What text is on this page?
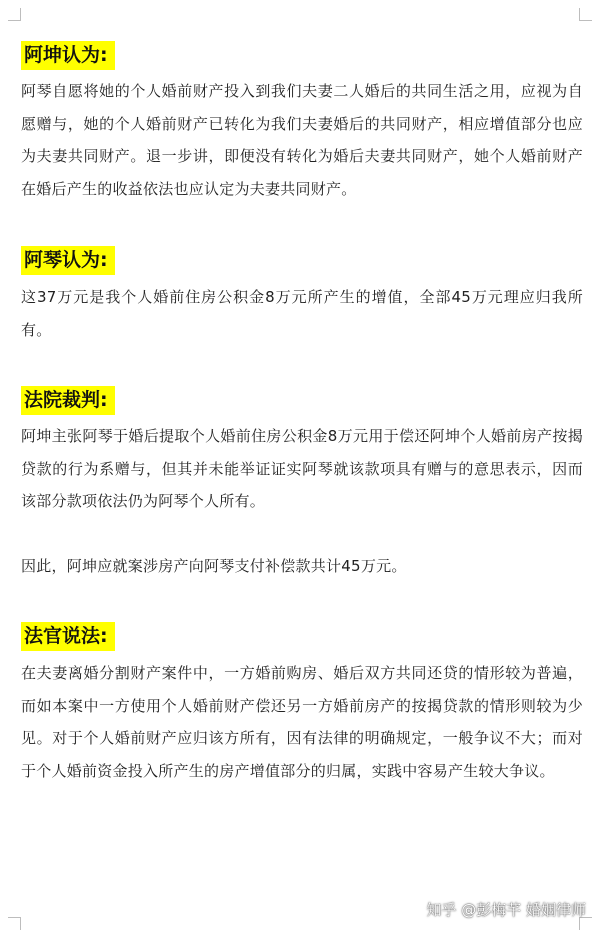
阿坤认为:
阿琴自愿将她的个人婚前财产投入到我们夫妻二人婚后的共同生活之用，应视为自愿赠与，她的个人婚前财产已转化为我们夫妻婚后的共同财产，相应增值部分也应为夫妻共同财产。退一步讲，即便没有转化为婚后夫妻共同财产，她个人婚前财产在婚后产生的收益依法也应认定为夫妻共同财产。
阿琴认为:
这37万元是我个人婚前住房公积金8万元所产生的增值，全部45万元理应归我所有。
法院裁判:
阿坤主张阿琴于婚后提取个人婚前住房公积金8万元用于偿还阿坤个人婚前房产按揭贷款的行为系赠与，但其并未能举证证实阿琴就该款项具有赠与的意思表示，因而该部分款项依法仍为阿琴个人所有。
因此，阿坤应就案涉房产向阿琴支付补偿款共计45万元。
法官说法:
在夫妻离婚分割财产案件中，一方婚前购房、婚后双方共同还贷的情形较为普遍，而如本案中一方使用个人婚前财产偿还另一方婚前房产的按揭贷款的情形则较为少见。对于个人婚前财产应归该方所有，因有法律的明确规定，一般争议不大；而对于个人婚前资金投入所产生的房产增值部分的归属，实践中容易产生较大争议。
知乎 @彭梅芊 婚姻律师
